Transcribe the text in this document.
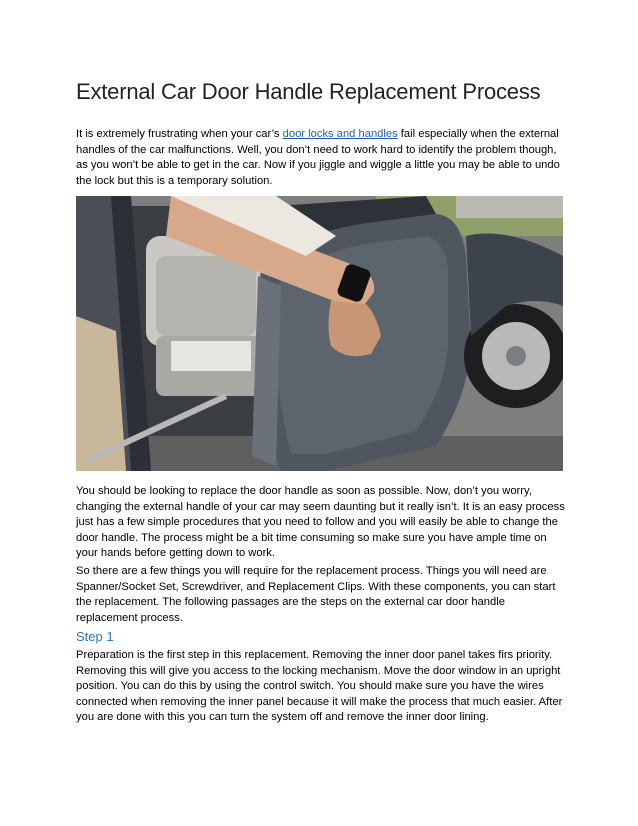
External Car Door Handle Replacement Process

It is extremely frustrating when your car’s door locks and handles fail especially when the external handles of the car malfunctions. Well, you don’t need to work hard to identify the problem though, as you won’t be able to get in the car. Now if you jiggle and wiggle a little you may be able to undo the lock but this is a temporary solution.

You should be looking to replace the door handle as soon as possible. Now, don’t you worry, changing the external handle of your car may seem daunting but it really isn’t. It is an easy process just has a few simple procedures that you need to follow and you will easily be able to change the door handle. The process might be a bit time consuming so make sure you have ample time on your hands before getting down to work.

So there are a few things you will require for the replacement process. Things you will need are Spanner/Socket Set, Screwdriver, and Replacement Clips. With these components, you can start the replacement. The following passages are the steps on the external car door handle replacement process.

Step 1

Preparation is the first step in this replacement. Removing the inner door panel takes firs priority. Removing this will give you access to the locking mechanism. Move the door window in an upright position. You can do this by using the control switch. You should make sure you have the wires connected when removing the inner panel because it will make the process that much easier. After you are done with this you can turn the system off and remove the inner door lining.
